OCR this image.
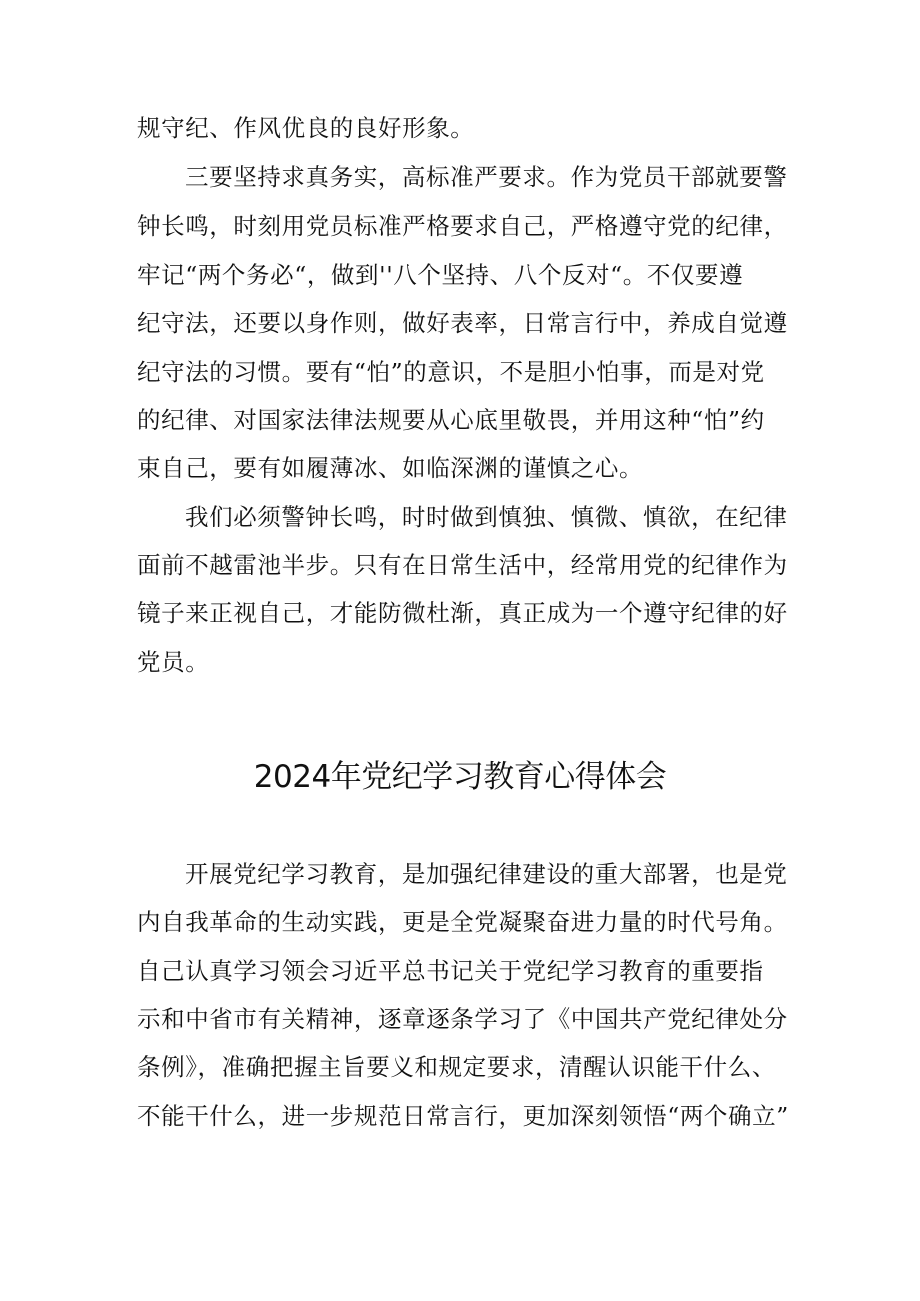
规守纪、作风优良的良好形象。
三要坚持求真务实，高标准严要求。作为党员干部就要警
钟长鸣，时刻用党员标准严格要求自己，严格遵守党的纪律，
牢记“两个务必“，做到''八个坚持、八个反对“。不仅要遵
纪守法，还要以身作则，做好表率，日常言行中，养成自觉遵
纪守法的习惯。要有“怕”的意识，不是胆小怕事，而是对党
的纪律、对国家法律法规要从心底里敬畏，并用这种“怕”约
束自己，要有如履薄冰、如临深渊的谨慎之心。
我们必须警钟长鸣，时时做到慎独、慎微、慎欲，在纪律
面前不越雷池半步。只有在日常生活中，经常用党的纪律作为
镜子来正视自己，才能防微杜渐，真正成为一个遵守纪律的好
党员。
2024年党纪学习教育心得体会
开展党纪学习教育，是加强纪律建设的重大部署，也是党
内自我革命的生动实践，更是全党凝聚奋进力量的时代号角。
自己认真学习领会习近平总书记关于党纪学习教育的重要指
示和中省市有关精神，逐章逐条学习了《中国共产党纪律处分
条例》，准确把握主旨要义和规定要求，清醒认识能干什么、
不能干什么，进一步规范日常言行，更加深刻领悟“两个确立”
